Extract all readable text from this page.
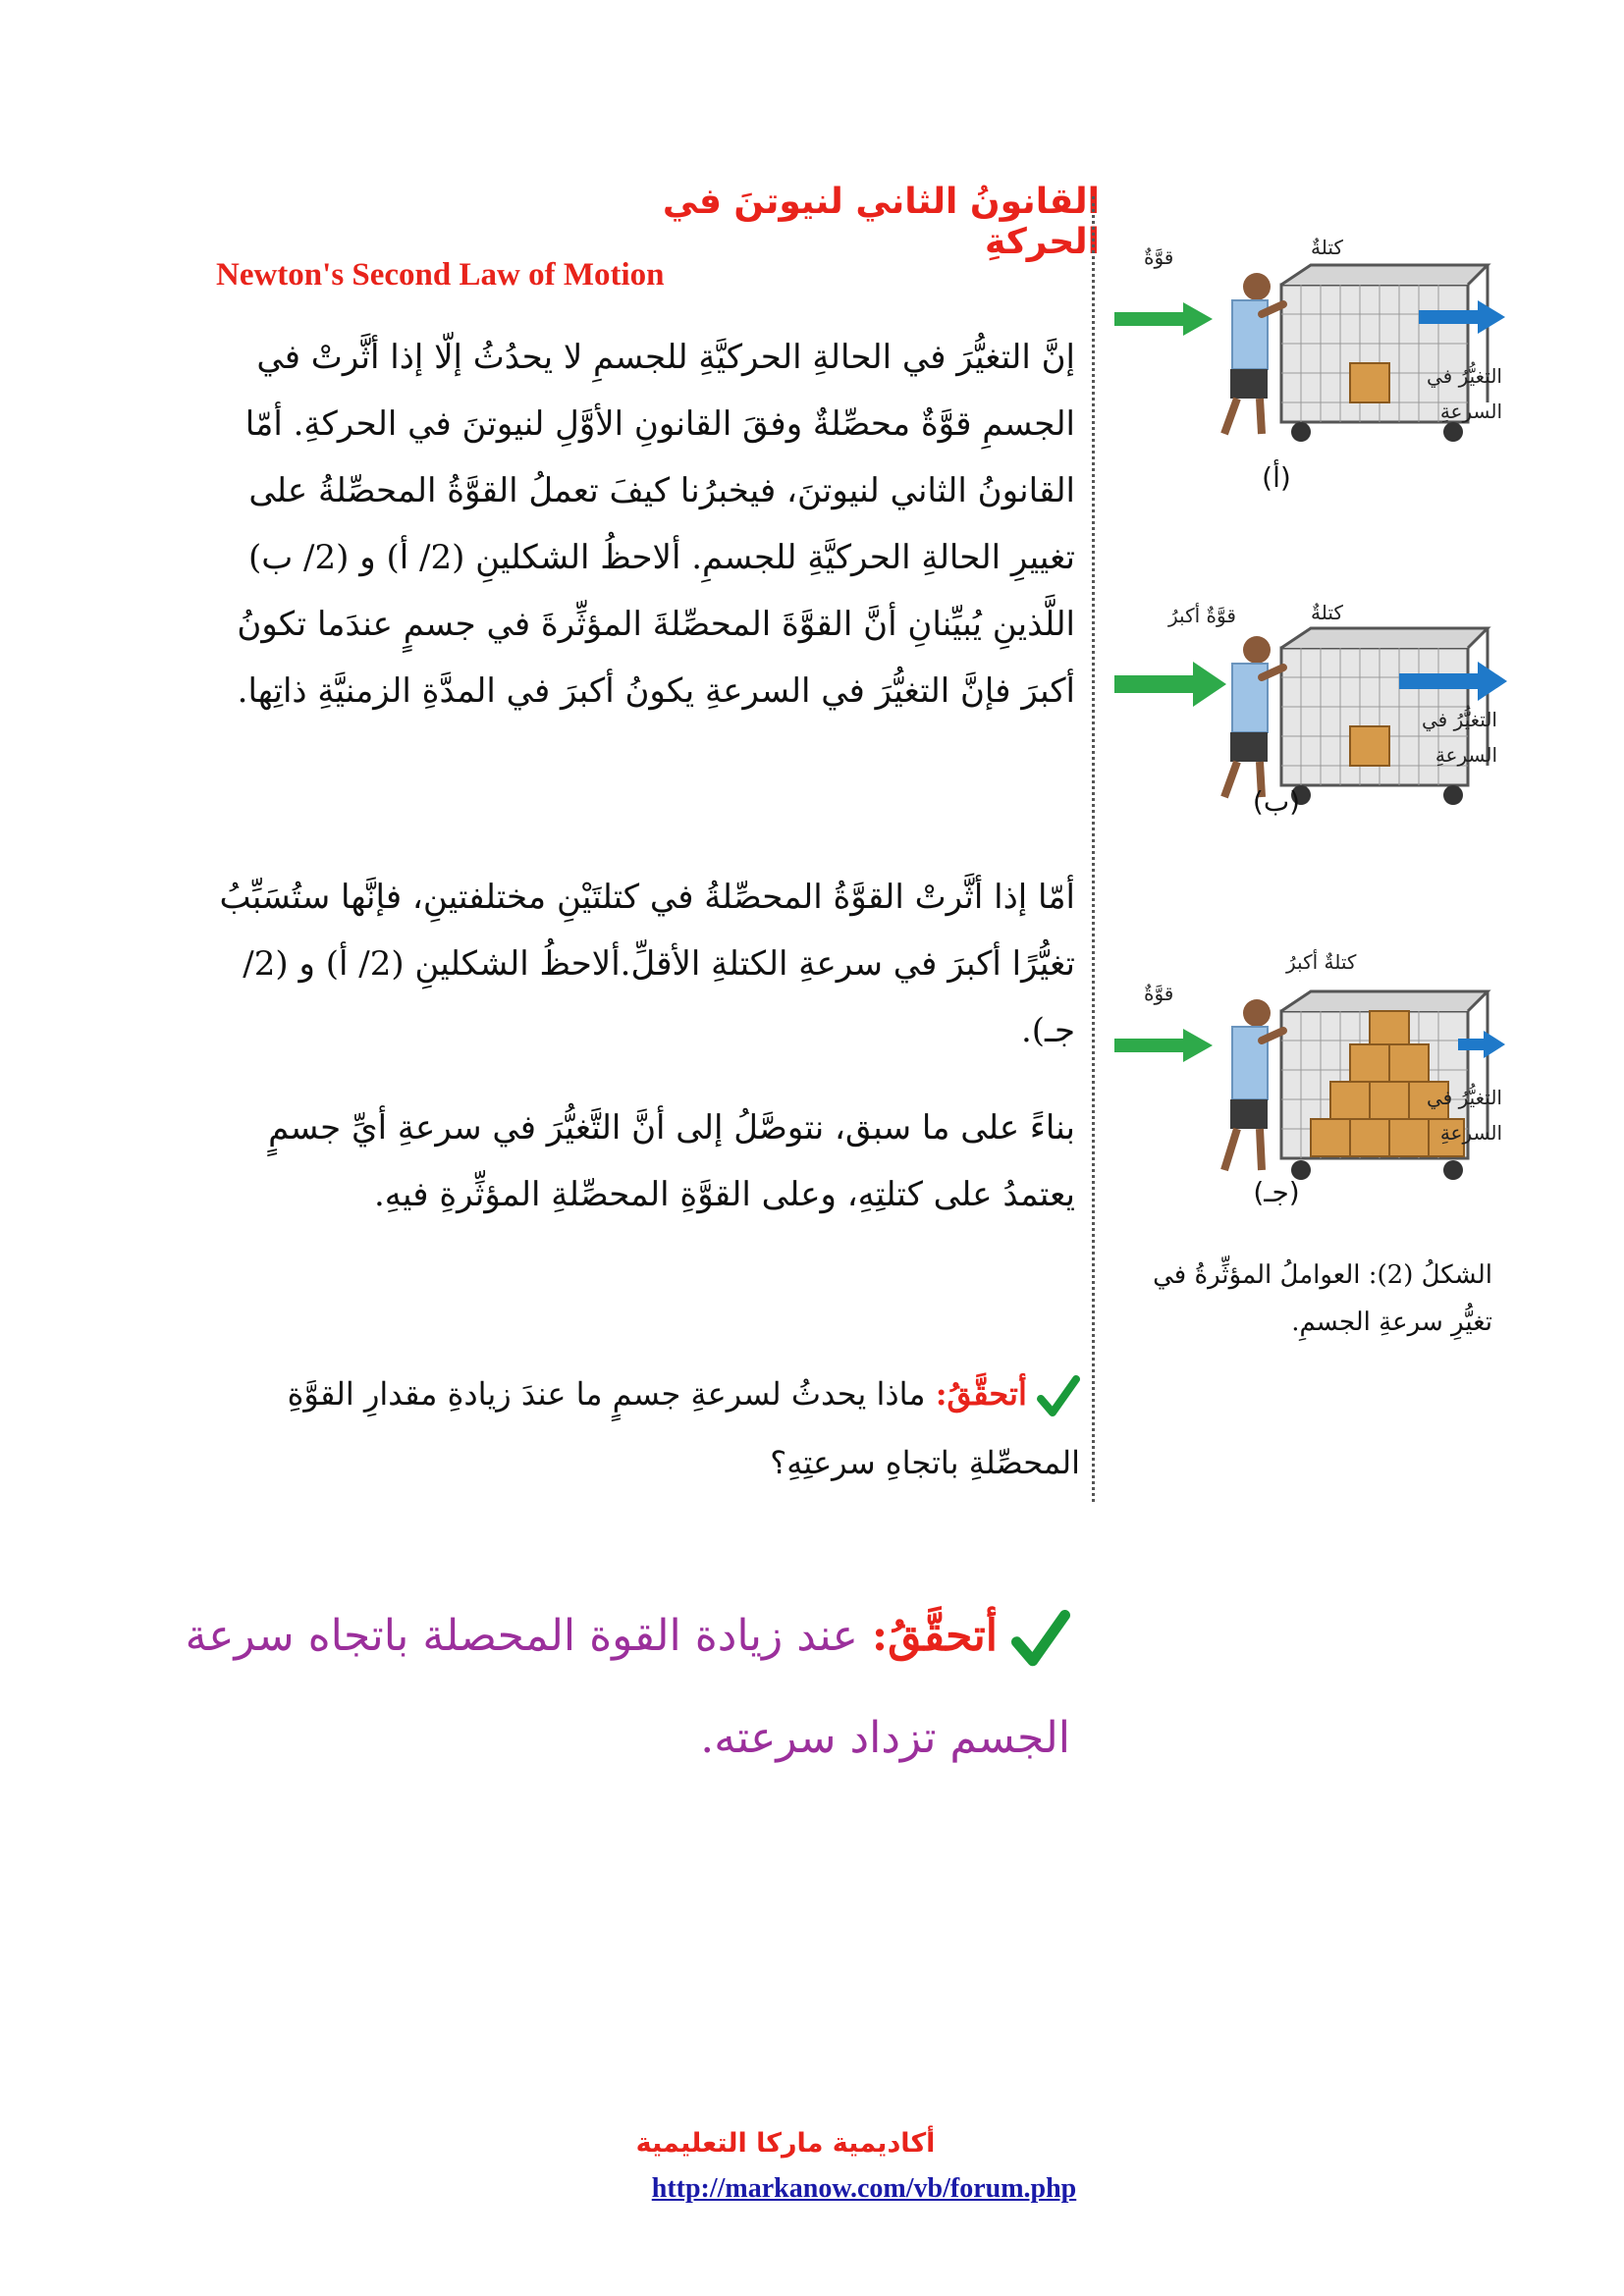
القانونُ الثاني لنيوتنَ في الحركةِ
Newton's Second Law of Motion
إنَّ التغيُّرَ في الحالةِ الحركيَّةِ للجسمِ لا يحدُثُ إلّا إذا أثَّرتْ في الجسمِ قوَّةٌ محصِّلةٌ وفقَ القانونِ الأوَّلِ لنيوتنَ في الحركةِ. أمّا القانونُ الثاني لنيوتنَ، فيخبرُنا كيفَ تعملُ القوَّةُ المحصِّلةُ على تغييرِ الحالةِ الحركيَّةِ للجسمِ. ألاحظُ الشكلينِ (2/ أ) و (2/ ب) اللَّذينِ يُبيِّنانِ أنَّ القوَّةَ المحصِّلةَ المؤثِّرةَ في جسمٍ عندَما تكونُ أكبرَ فإنَّ التغيُّرَ في السرعةِ يكونُ أكبرَ في المدَّةِ الزمنيَّةِ ذاتِها.
أمّا إذا أثَّرتْ القوَّةُ المحصِّلةُ في كتلتَيْنِ مختلفتينِ، فإنَّها ستُسَبِّبُ تغيُّرًا أكبرَ في سرعةِ الكتلةِ الأقلِّ.ألاحظُ الشكلينِ (2/ أ) و (2/ جـ).
بناءً على ما سبق، نتوصَّلُ إلى أنَّ التَّغيُّرَ في سرعةِ أيِّ جسمٍ يعتمدُ على كتلتِهِ، وعلى القوَّةِ المحصِّلةِ المؤثِّرةِ فيهِ.
أتحقَّقُ: ماذا يحدثُ لسرعةِ جسمٍ ما عندَ زيادةِ مقدارِ القوَّةِ المحصِّلةِ باتجاهِ سرعتِهِ؟
قوَّةٌ	كتلةٌ
التغيُّرُ في السرعةِ
(أ)
قوَّةٌ أكبرُ	كتلةٌ
التغيُّرُ في السرعةِ
(ب)
قوَّةٌ
كتلةٌ أكبرُ
التغيُّرُ في السرعةِ
(جـ)
الشكلُ (2): العواملُ المؤثِّرةُ في تغيُّرِ سرعةِ الجسمِ.
أتحقَّقُ: عند زيادة القوة المحصلة باتجاه سرعة الجسم تزداد سرعته.
أكاديمية ماركا التعليمية
http://markanow.com/vb/forum.php
